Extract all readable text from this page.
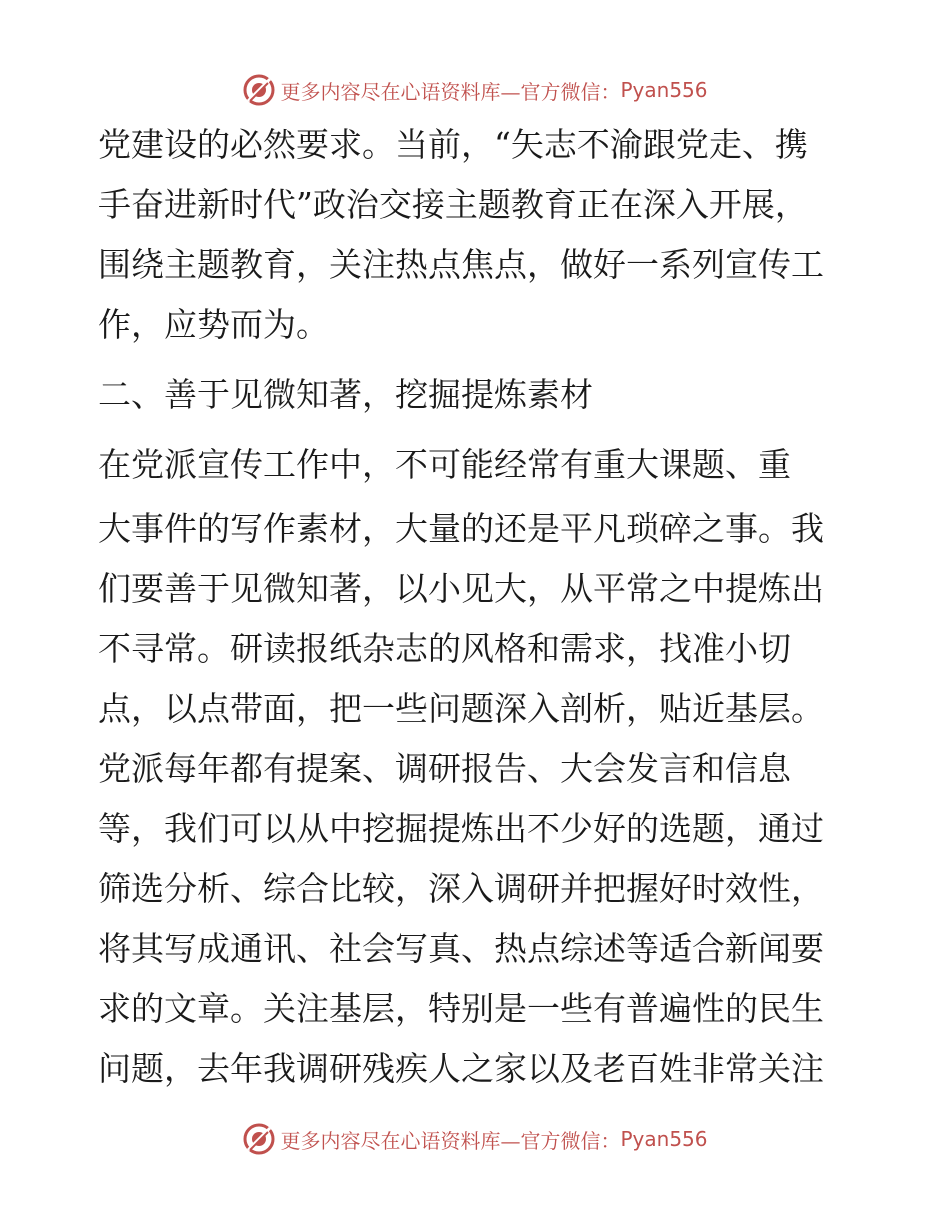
更多内容尽在心语资料库—官方微信： Pyan556
党建设的必然要求。当前，“矢志不渝跟党走、携
手奋进新时代”政治交接主题教育正在深入开展，
围绕主题教育，关注热点焦点，做好一系列宣传工
作，应势而为。
二、善于见微知著，挖掘提炼素材
在党派宣传工作中，不可能经常有重大课题、重
大事件的写作素材，大量的还是平凡琐碎之事。我
们要善于见微知著，以小见大，从平常之中提炼出
不寻常。研读报纸杂志的风格和需求，找准小切
点，以点带面，把一些问题深入剖析，贴近基层。
党派每年都有提案、调研报告、大会发言和信息
等，我们可以从中挖掘提炼出不少好的选题，通过
筛选分析、综合比较，深入调研并把握好时效性，
将其写成通讯、社会写真、热点综述等适合新闻要
求的文章。关注基层，特别是一些有普遍性的民生
问题，去年我调研残疾人之家以及老百姓非常关注
更多内容尽在心语资料库—官方微信： Pyan556
